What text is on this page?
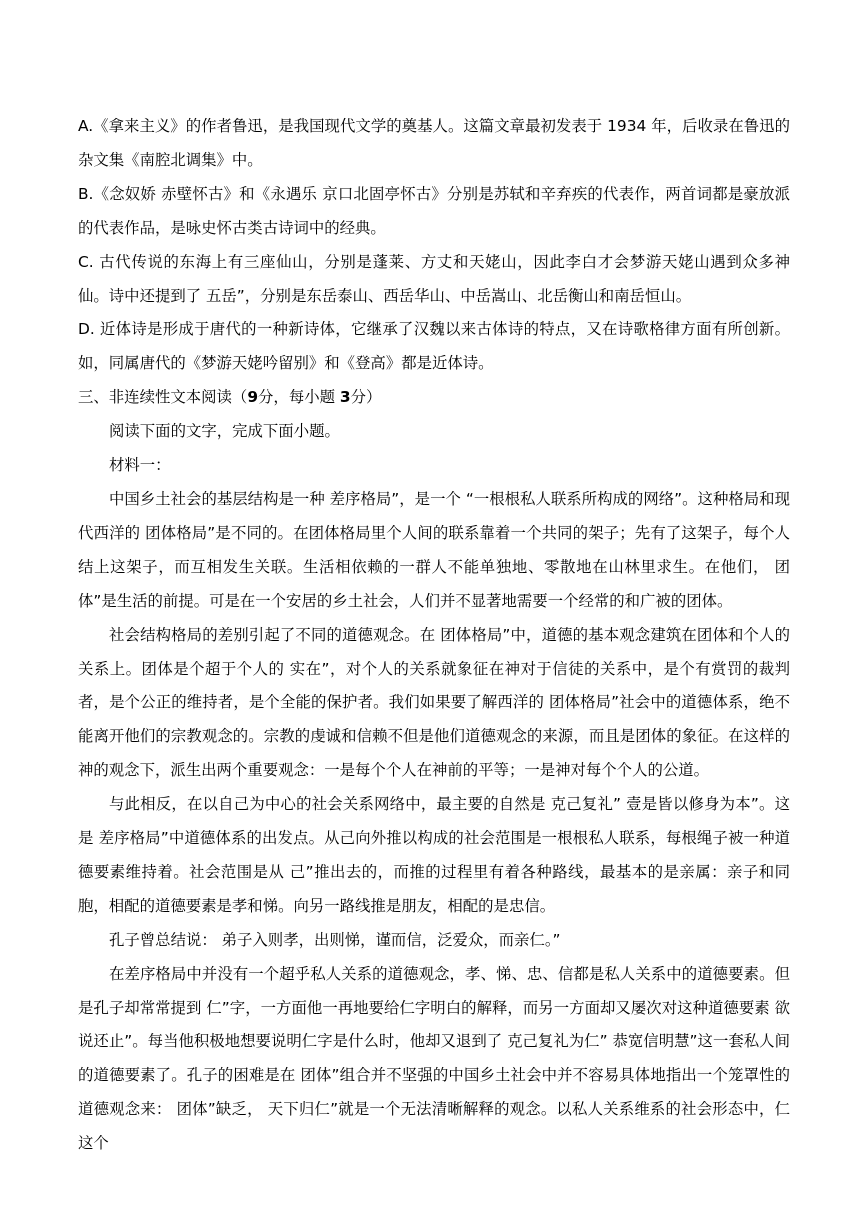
A.《拿来主义》的作者鲁迅，是我国现代文学的奠基人。这篇文章最初发表于 1934 年，后收录在鲁迅的杂文集《南腔北调集》中。

B.《念奴娇 赤壁怀古》和《永遇乐 京口北固亭怀古》分别是苏轼和辛弃疾的代表作，两首词都是豪放派的代表作品，是咏史怀古类古诗词中的经典。

C. 古代传说的东海上有三座仙山，分别是蓬莱、方丈和天姥山，因此李白才会梦游天姥山遇到众多神仙。诗中还提到了 五岳”，分别是东岳泰山、西岳华山、中岳嵩山、北岳衡山和南岳恒山。

D. 近体诗是形成于唐代的一种新诗体，它继承了汉魏以来古体诗的特点，又在诗歌格律方面有所创新。如，同属唐代的《梦游天姥吟留别》和《登高》都是近体诗。

三、非连续性文本阅读（9分，每小题 3分）

阅读下面的文字，完成下面小题。

材料一：

中国乡土社会的基层结构是一种 差序格局”，是一个 “一根根私人联系所构成的网络”。这种格局和现代西洋的 团体格局”是不同的。在团体格局里个人间的联系靠着一个共同的架子；先有了这架子，每个人结上这架子，而互相发生关联。生活相依赖的一群人不能单独地、零散地在山林里求生。在他们， 团体”是生活的前提。可是在一个安居的乡土社会，人们并不显著地需要一个经常的和广被的团体。

社会结构格局的差别引起了不同的道德观念。在 团体格局”中，道德的基本观念建筑在团体和个人的关系上。团体是个超于个人的 实在”，对个人的关系就象征在神对于信徒的关系中，是个有赏罚的裁判者，是个公正的维持者，是个全能的保护者。我们如果要了解西洋的 团体格局”社会中的道德体系，绝不能离开他们的宗教观念的。宗教的虔诚和信赖不但是他们道德观念的来源，而且是团体的象征。在这样的神的观念下，派生出两个重要观念：一是每个个人在神前的平等；一是神对每个个人的公道。

与此相反，在以自己为中心的社会关系网络中，最主要的自然是 克己复礼” 壹是皆以修身为本”。这是 差序格局”中道德体系的出发点。从己向外推以构成的社会范围是一根根私人联系，每根绳子被一种道德要素维持着。社会范围是从 己”推出去的，而推的过程里有着各种路线，最基本的是亲属：亲子和同胞，相配的道德要素是孝和悌。向另一路线推是朋友，相配的是忠信。

孔子曾总结说： 弟子入则孝，出则悌，谨而信，泛爱众，而亲仁。”

在差序格局中并没有一个超乎私人关系的道德观念，孝、悌、忠、信都是私人关系中的道德要素。但是孔子却常常提到 仁”字，一方面他一再地要给仁字明白的解释，而另一方面却又屡次对这种道德要素 欲说还止”。每当他积极地想要说明仁字是什么时，他却又退到了 克己复礼为仁” 恭宽信明慧”这一套私人间的道德要素了。孔子的困难是在 团体”组合并不坚强的中国乡土社会中并不容易具体地指出一个笼罩性的道德观念来： 团体”缺乏， 天下归仁”就是一个无法清晰解释的观念。以私人关系维系的社会形态中，仁这个
